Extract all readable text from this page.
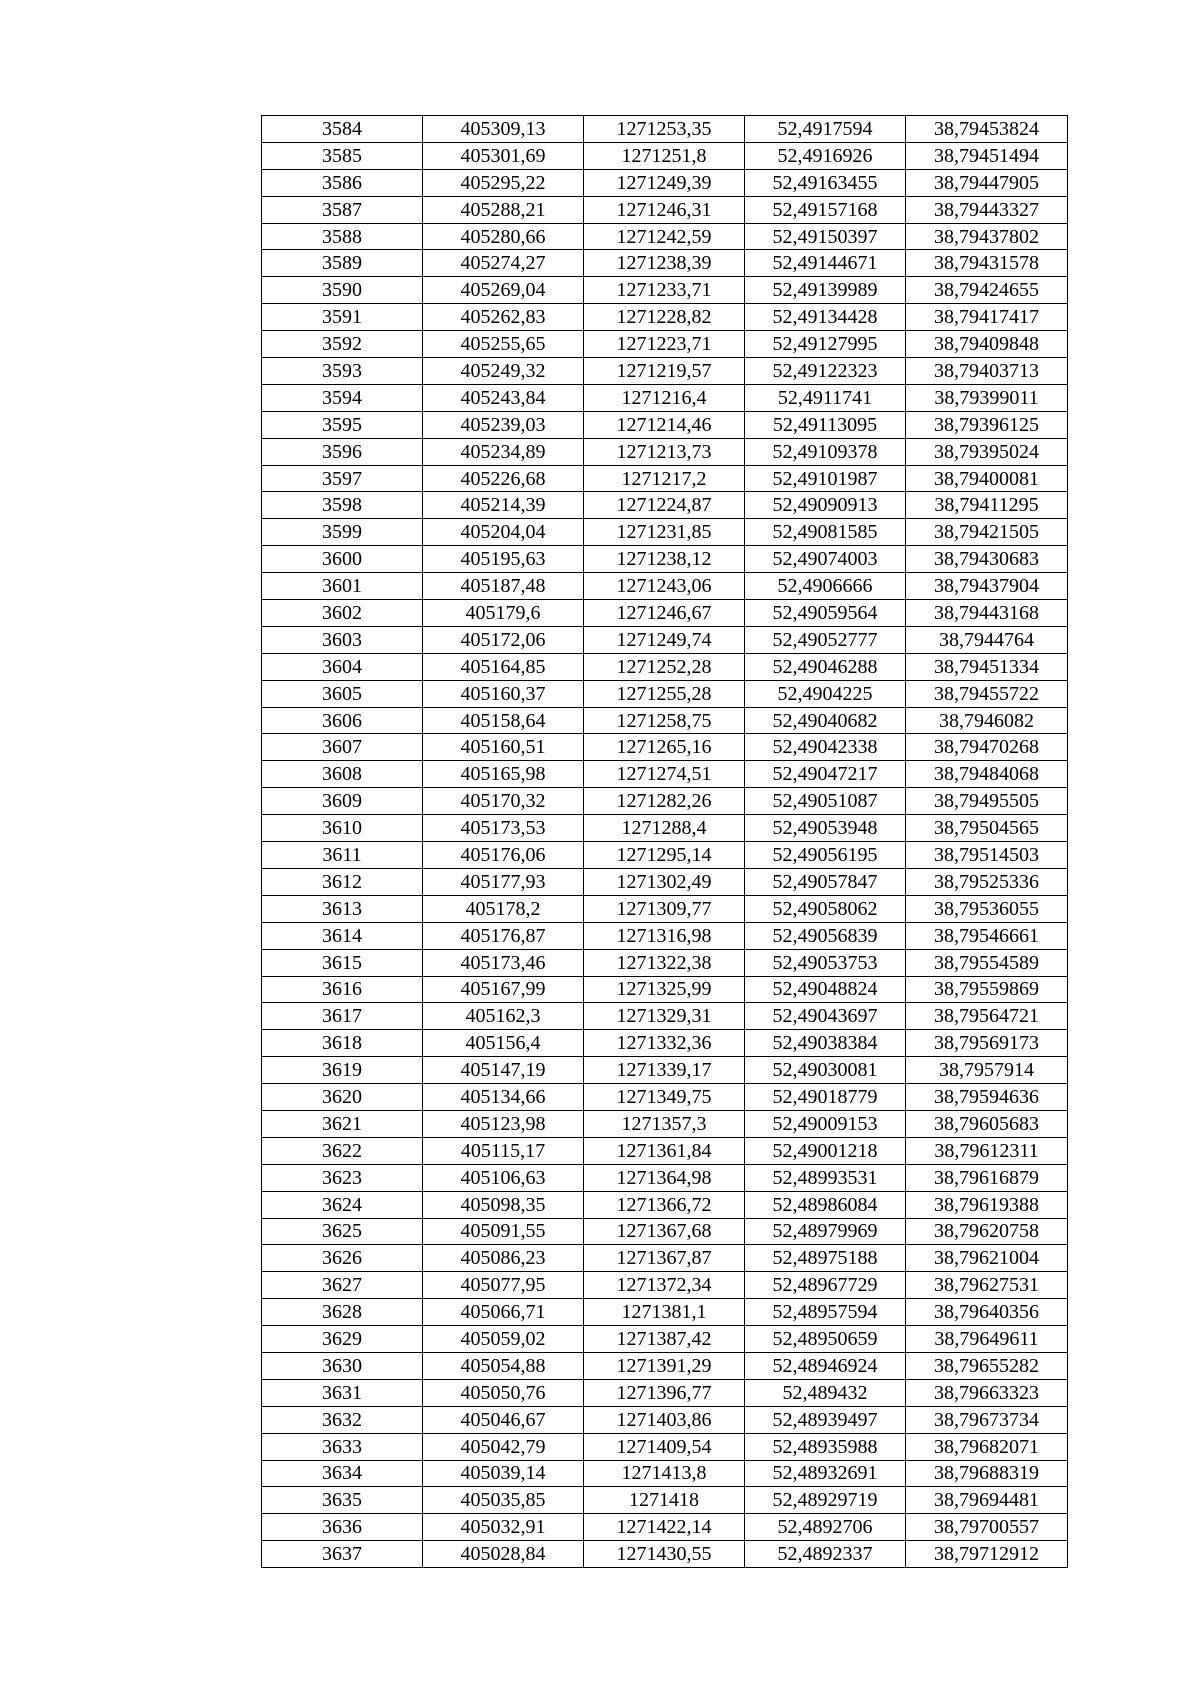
3584	405309,13	1271253,35	52,4917594	38,79453824
3585	405301,69	1271251,8	52,4916926	38,79451494
3586	405295,22	1271249,39	52,49163455	38,79447905
3587	405288,21	1271246,31	52,49157168	38,79443327
3588	405280,66	1271242,59	52,49150397	38,79437802
3589	405274,27	1271238,39	52,49144671	38,79431578
3590	405269,04	1271233,71	52,49139989	38,79424655
3591	405262,83	1271228,82	52,49134428	38,79417417
3592	405255,65	1271223,71	52,49127995	38,79409848
3593	405249,32	1271219,57	52,49122323	38,79403713
3594	405243,84	1271216,4	52,4911741	38,79399011
3595	405239,03	1271214,46	52,49113095	38,79396125
3596	405234,89	1271213,73	52,49109378	38,79395024
3597	405226,68	1271217,2	52,49101987	38,79400081
3598	405214,39	1271224,87	52,49090913	38,79411295
3599	405204,04	1271231,85	52,49081585	38,79421505
3600	405195,63	1271238,12	52,49074003	38,79430683
3601	405187,48	1271243,06	52,4906666	38,79437904
3602	405179,6	1271246,67	52,49059564	38,79443168
3603	405172,06	1271249,74	52,49052777	38,7944764
3604	405164,85	1271252,28	52,49046288	38,79451334
3605	405160,37	1271255,28	52,4904225	38,79455722
3606	405158,64	1271258,75	52,49040682	38,7946082
3607	405160,51	1271265,16	52,49042338	38,79470268
3608	405165,98	1271274,51	52,49047217	38,79484068
3609	405170,32	1271282,26	52,49051087	38,79495505
3610	405173,53	1271288,4	52,49053948	38,79504565
3611	405176,06	1271295,14	52,49056195	38,79514503
3612	405177,93	1271302,49	52,49057847	38,79525336
3613	405178,2	1271309,77	52,49058062	38,79536055
3614	405176,87	1271316,98	52,49056839	38,79546661
3615	405173,46	1271322,38	52,49053753	38,79554589
3616	405167,99	1271325,99	52,49048824	38,79559869
3617	405162,3	1271329,31	52,49043697	38,79564721
3618	405156,4	1271332,36	52,49038384	38,79569173
3619	405147,19	1271339,17	52,49030081	38,7957914
3620	405134,66	1271349,75	52,49018779	38,79594636
3621	405123,98	1271357,3	52,49009153	38,79605683
3622	405115,17	1271361,84	52,49001218	38,79612311
3623	405106,63	1271364,98	52,48993531	38,79616879
3624	405098,35	1271366,72	52,48986084	38,79619388
3625	405091,55	1271367,68	52,48979969	38,79620758
3626	405086,23	1271367,87	52,48975188	38,79621004
3627	405077,95	1271372,34	52,48967729	38,79627531
3628	405066,71	1271381,1	52,48957594	38,79640356
3629	405059,02	1271387,42	52,48950659	38,79649611
3630	405054,88	1271391,29	52,48946924	38,79655282
3631	405050,76	1271396,77	52,489432	38,79663323
3632	405046,67	1271403,86	52,48939497	38,79673734
3633	405042,79	1271409,54	52,48935988	38,79682071
3634	405039,14	1271413,8	52,48932691	38,79688319
3635	405035,85	1271418	52,48929719	38,79694481
3636	405032,91	1271422,14	52,4892706	38,79700557
3637	405028,84	1271430,55	52,4892337	38,79712912
